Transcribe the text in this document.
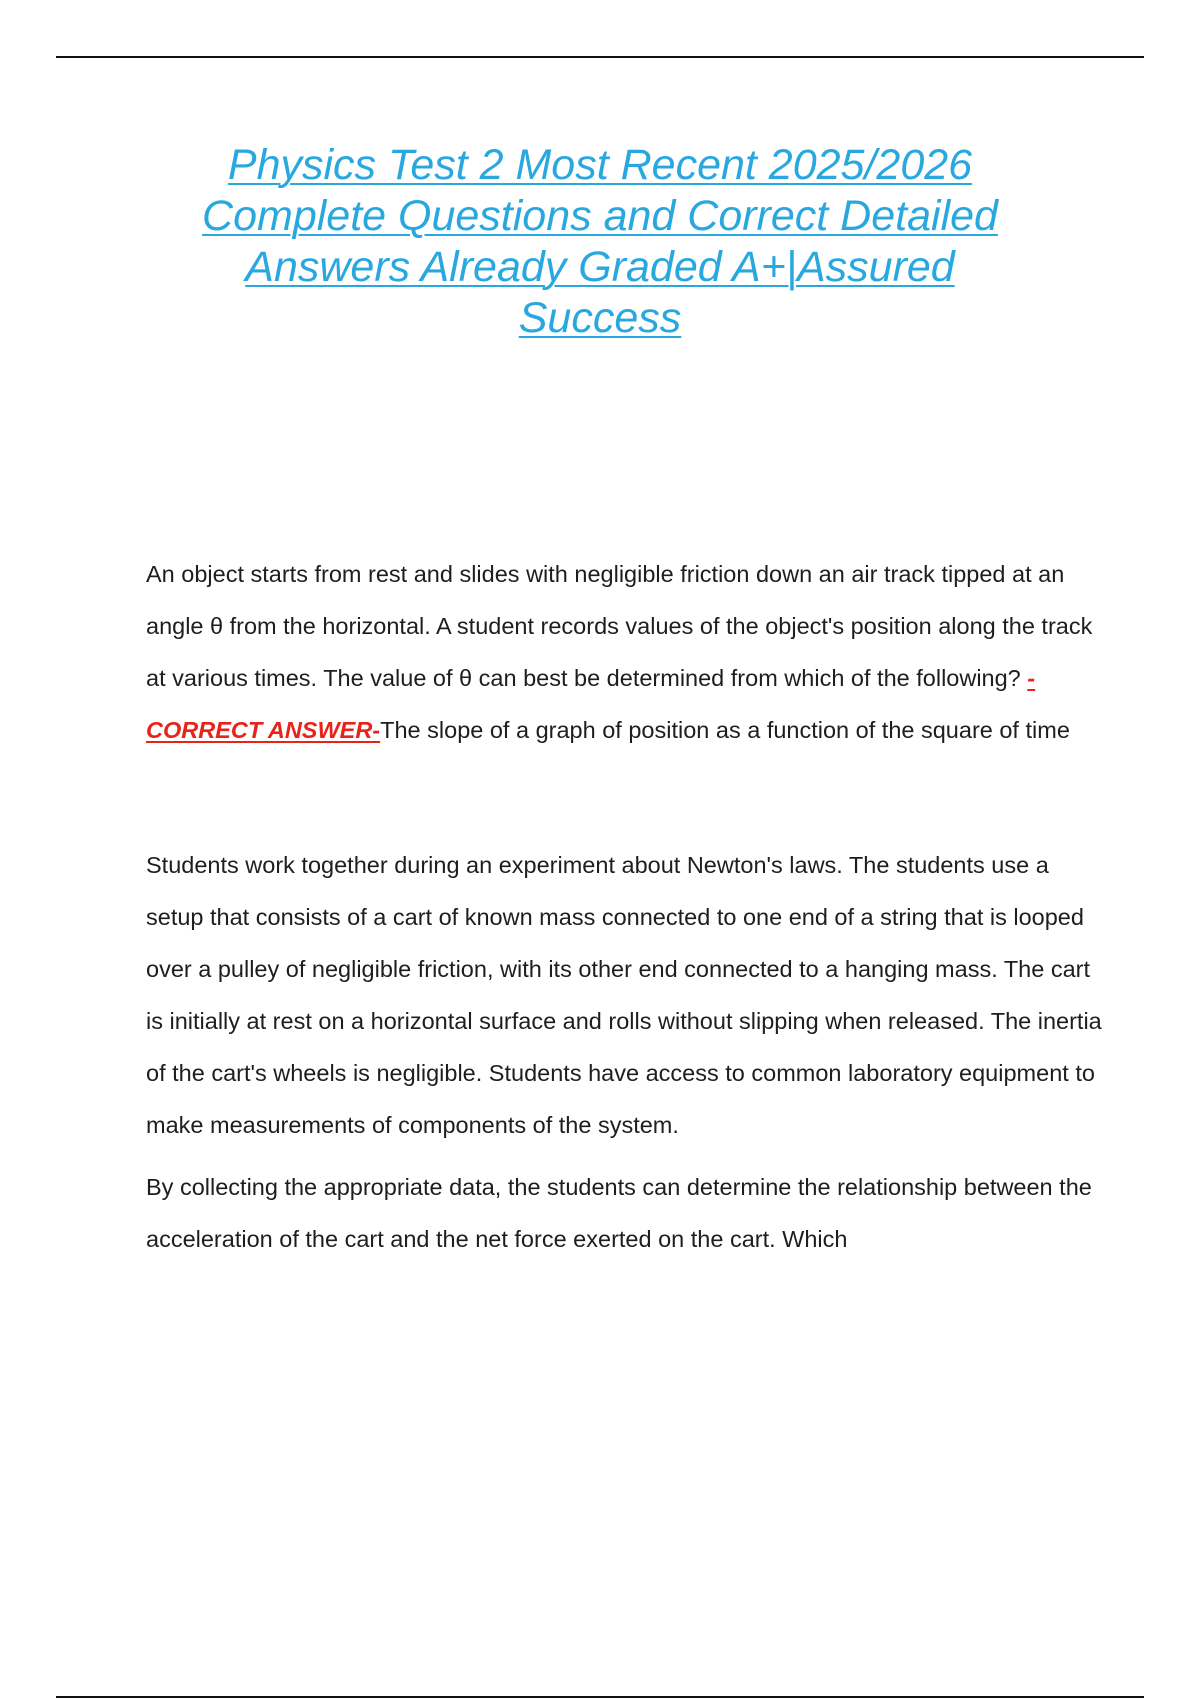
Physics Test 2 Most Recent 2025/2026
Complete Questions and Correct Detailed
Answers Already Graded A+|Assured
Success

An object starts from rest and slides with negligible friction down an air track tipped at an angle θ from the horizontal. A student records values of the object's position along the track at various times. The value of θ can best be determined from which of the following? - CORRECT ANSWER-The slope of a graph of position as a function of the square of time

Students work together during an experiment about Newton's laws. The students use a setup that consists of a cart of known mass connected to one end of a string that is looped over a pulley of negligible friction, with its other end connected to a hanging mass. The cart is initially at rest on a horizontal surface and rolls without slipping when released. The inertia of the cart's wheels is negligible. Students have access to common laboratory equipment to make measurements of components of the system.

By collecting the appropriate data, the students can determine the relationship between the acceleration of the cart and the net force exerted on the cart. Which
